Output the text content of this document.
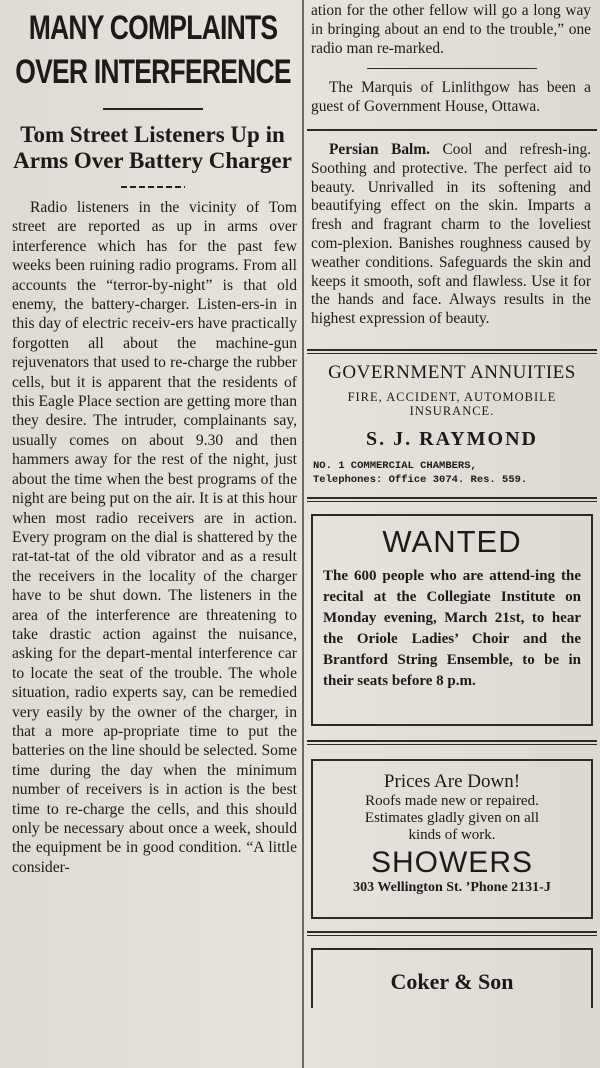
MANY COMPLAINTS
OVER INTERFERENCE
Tom Street Listeners Up in Arms Over Battery Charger
Radio listeners in the vicinity of Tom street are reported as up in arms over interference which has for the past few weeks been ruining radio programs. From all accounts the “terror-by-night” is that old enemy, the battery-charger. Listen-ers-in in this day of electric receiv-ers have practically forgotten all about the machine-gun rejuvenators that used to re-charge the rubber cells, but it is apparent that the residents of this Eagle Place section are getting more than they desire. The intruder, complainants say, usually comes on about 9.30 and then hammers away for the rest of the night, just about the time when the best programs of the night are being put on the air. It is at this hour when most radio receivers are in action. Every program on the dial is shattered by the rat-tat-tat of the old vibrator and as a result the receivers in the locality of the charger have to be shut down. The listeners in the area of the interference are threatening to take drastic action against the nuisance, asking for the depart-mental interference car to locate the seat of the trouble. The whole situation, radio experts say, can be remedied very easily by the owner of the charger, in that a more ap-propriate time to put the batteries on the line should be selected. Some time during the day when the minimum number of receivers is in action is the best time to re-charge the cells, and this should only be necessary about once a week, should the equipment be in good condition. “A little consider-
ation for the other fellow will go a long way in bringing about an end to the trouble,” one radio man re-marked.
The Marquis of Linlithgow has been a guest of Government House, Ottawa.
Persian Balm. Cool and refresh-ing. Soothing and protective. The perfect aid to beauty. Unrivalled in its softening and beautifying effect on the skin. Imparts a fresh and fragrant charm to the loveliest com-plexion. Banishes roughness caused by weather conditions. Safeguards the skin and keeps it smooth, soft and flawless. Use it for the hands and face. Always results in the highest expression of beauty.
GOVERNMENT ANNUITIES
FIRE, ACCIDENT, AUTOMOBILE
INSURANCE.
S. J. RAYMOND
NO. 1 COMMERCIAL CHAMBERS,
Telephones: Office 3074. Res. 559.
WANTED
The 600 people who are attend-ing the recital at the Collegiate Institute on Monday evening, March 21st, to hear the Oriole Ladies’ Choir and the Brantford String Ensemble, to be in their seats before 8 p.m.
Prices Are Down!
Roofs made new or repaired.
Estimates gladly given on all
kinds of work.
SHOWERS
303 Wellington St. ’Phone 2131-J
Coker & Son
